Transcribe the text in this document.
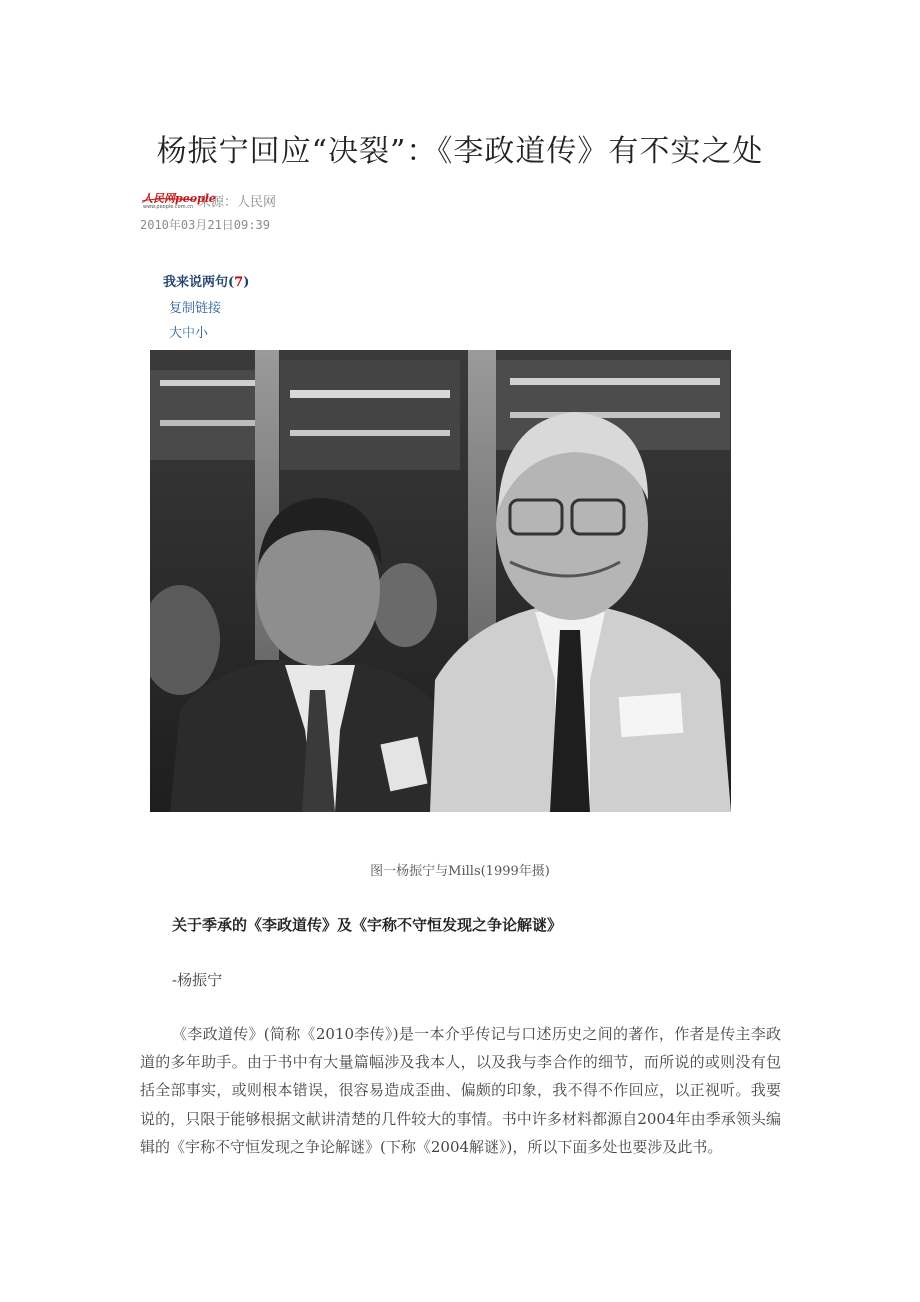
杨振宁回应“决裂”：《李政道传》有不实之处
人民网people
www.people.com.cn 来源：人民网
2010年03月21日09:39
我来说两句(7)
复制链接
大中小
图一杨振宁与Mills(1999年摄)
关于季承的《李政道传》及《宇称不守恒发现之争论解谜》
-杨振宁

《李政道传》(简称《2010李传》)是一本介乎传记与口述历史之间的著作，作者是传主李政道的多年助手。由于书中有大量篇幅涉及我本人，以及我与李合作的细节，而所说的或则没有包括全部事实，或则根本错误，很容易造成歪曲、偏颇的印象，我不得不作回应，以正视听。我要说的，只限于能够根据文献讲清楚的几件较大的事情。书中许多材料都源自2004年由季承领头编辑的《宇称不守恒发现之争论解谜》(下称《2004解谜》)，所以下面多处也要涉及此书。
